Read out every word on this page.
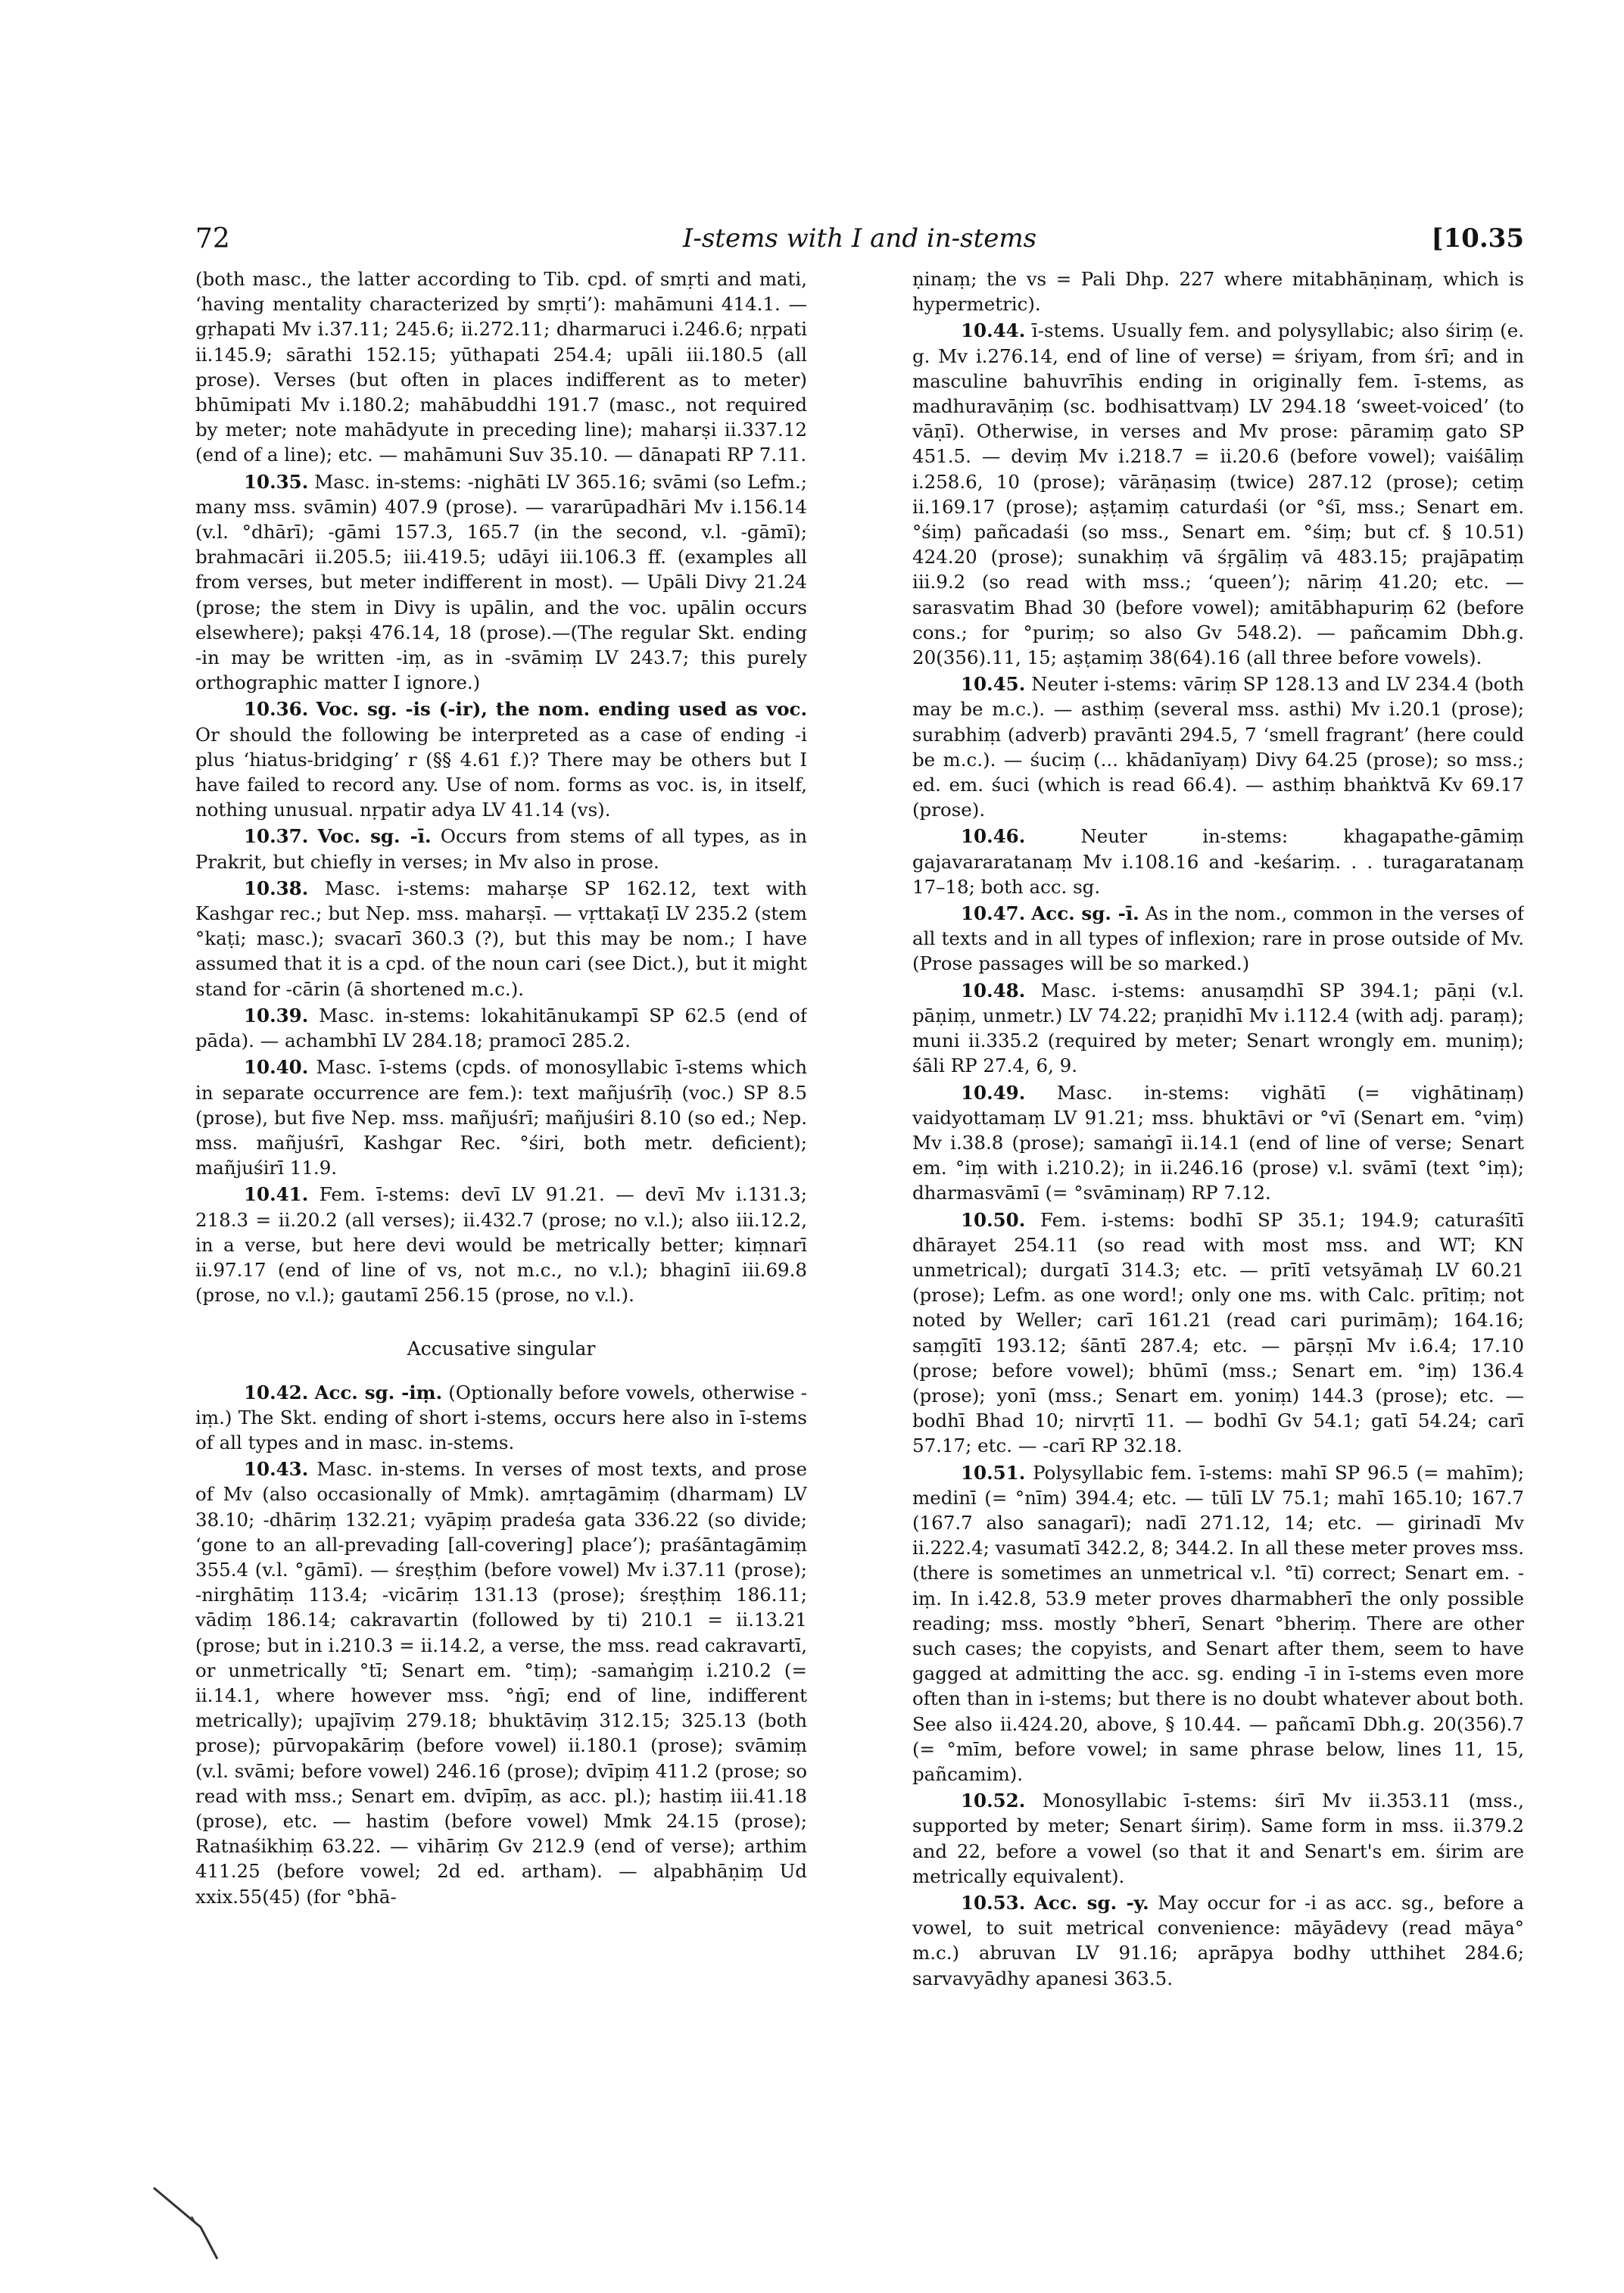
72	I-stems with I and in-stems	[10.35

(both masc., the latter according to Tib. cpd. of smṛti and mati, ‘having mentality characterized by smṛti’): mahāmuni 414.1. — gṛhapati Mv i.37.11; 245.6; ii.272.11; dharmaruci i.246.6; nṛpati ii.145.9; sārathi 152.15; yūthapati 254.4; upāli iii.180.5 (all prose). Verses (but often in places indifferent as to meter) bhūmipati Mv i.180.2; mahābuddhi 191.7 (masc., not required by meter; note mahādyute in preceding line); maharṣi ii.337.12 (end of a line); etc. — mahāmuni Suv 35.10. — dānapati RP 7.11.

10.35. Masc. in-stems: -nighāti LV 365.16; svāmi (so Lefm.; many mss. svāmin) 407.9 (prose). — vararūpadhāri Mv i.156.14 (v.l. °dhārī); -gāmi 157.3, 165.7 (in the second, v.l. -gāmī); brahmacāri ii.205.5; iii.419.5; udāyi iii.106.3 ff. (examples all from verses, but meter indifferent in most). — Upāli Divy 21.24 (prose; the stem in Divy is upālin, and the voc. upālin occurs elsewhere); pakṣi 476.14, 18 (prose).—(The regular Skt. ending -in may be written -iṃ, as in -svāmiṃ LV 243.7; this purely orthographic matter I ignore.)

10.36. Voc. sg. -is (-ir), the nom. ending used as voc. Or should the following be interpreted as a case of ending -i plus ‘hiatus-bridging’ r (§§ 4.61 f.)? There may be others but I have failed to record any. Use of nom. forms as voc. is, in itself, nothing unusual. nṛpatir adya LV 41.14 (vs).

10.37. Voc. sg. -ī. Occurs from stems of all types, as in Prakrit, but chiefly in verses; in Mv also in prose.

10.38. Masc. i-stems: maharṣe SP 162.12, text with Kashgar rec.; but Nep. mss. maharṣī. — vṛttakaṭī LV 235.2 (stem °kaṭi; masc.); svacarī 360.3 (?), but this may be nom.; I have assumed that it is a cpd. of the noun cari (see Dict.), but it might stand for -cārin (ā shortened m.c.).

10.39. Masc. in-stems: lokahitānukampī SP 62.5 (end of pāda). — achambhī LV 284.18; pramocī 285.2.

10.40. Masc. ī-stems (cpds. of monosyllabic ī-stems which in separate occurrence are fem.): text mañjuśrīḥ (voc.) SP 8.5 (prose), but five Nep. mss. mañjuśrī; mañjuśiri 8.10 (so ed.; Nep. mss. mañjuśrī, Kashgar Rec. °śiri, both metr. deficient); mañjuśirī 11.9.

10.41. Fem. ī-stems: devī LV 91.21. — devī Mv i.131.3; 218.3 = ii.20.2 (all verses); ii.432.7 (prose; no v.l.); also iii.12.2, in a verse, but here devi would be metrically better; kiṃnarī ii.97.17 (end of line of vs, not m.c., no v.l.); bhaginī iii.69.8 (prose, no v.l.); gautamī 256.15 (prose, no v.l.).

Accusative singular

10.42. Acc. sg. -iṃ. (Optionally before vowels, otherwise -iṃ.) The Skt. ending of short i-stems, occurs here also in ī-stems of all types and in masc. in-stems.

10.43. Masc. in-stems. In verses of most texts, and prose of Mv (also occasionally of Mmk). amṛtagāmiṃ (dharmam) LV 38.10; -dhāriṃ 132.21; vyāpiṃ pradeśa gata 336.22 (so divide; ‘gone to an all-prevading [all-covering] place’); praśāntagāmiṃ 355.4 (v.l. °gāmī). — śreṣṭhim (before vowel) Mv i.37.11 (prose); -nirghātiṃ 113.4; -vicāriṃ 131.13 (prose); śreṣṭhiṃ 186.11; vādiṃ 186.14; cakravartin (followed by ti) 210.1 = ii.13.21 (prose; but in i.210.3 = ii.14.2, a verse, the mss. read cakravartī, or unmetrically °tī; Senart em. °tiṃ); -samaṅgiṃ i.210.2 (= ii.14.1, where however mss. °ṅgī; end of line, indifferent metrically); upajīviṃ 279.18; bhuktāviṃ 312.15; 325.13 (both prose); pūrvopakāriṃ (before vowel) ii.180.1 (prose); svāmiṃ (v.l. svāmi; before vowel) 246.16 (prose); dvīpiṃ 411.2 (prose; so read with mss.; Senart em. dvīpīṃ, as acc. pl.); hastiṃ iii.41.18 (prose), etc. — hastim (before vowel) Mmk 24.15 (prose); Ratnaśikhiṃ 63.22. — vihāriṃ Gv 212.9 (end of verse); arthim 411.25 (before vowel; 2d ed. artham). — alpabhāṇiṃ Ud xxix.55(45) (for °bhā-

ṇinaṃ; the vs = Pali Dhp. 227 where mitabhāṇinaṃ, which is hypermetric).

10.44. ī-stems. Usually fem. and polysyllabic; also śiriṃ (e. g. Mv i.276.14, end of line of verse) = śriyam, from śrī; and in masculine bahuvrīhis ending in originally fem. ī-stems, as madhuravāṇiṃ (sc. bodhisattvaṃ) LV 294.18 ‘sweet-voiced’ (to vāṇī). Otherwise, in verses and Mv prose: pāramiṃ gato SP 451.5. — deviṃ Mv i.218.7 = ii.20.6 (before vowel); vaiśāliṃ i.258.6, 10 (prose); vārāṇasiṃ (twice) 287.12 (prose); cetiṃ ii.169.17 (prose); aṣṭamiṃ caturdaśi (or °śī, mss.; Senart em. °śiṃ) pañcadaśi (so mss., Senart em. °śiṃ; but cf. § 10.51) 424.20 (prose); sunakhiṃ vā śṛgāliṃ vā 483.15; prajāpatiṃ iii.9.2 (so read with mss.; ‘queen’); nāriṃ 41.20; etc. — sarasvatim Bhad 30 (before vowel); amitābhapuriṃ 62 (before cons.; for °puriṃ; so also Gv 548.2). — pañcamim Dbh.g. 20(356).11, 15; aṣṭamiṃ 38(64).16 (all three before vowels).

10.45. Neuter i-stems: vāriṃ SP 128.13 and LV 234.4 (both may be m.c.). — asthiṃ (several mss. asthi) Mv i.20.1 (prose); surabhiṃ (adverb) pravānti 294.5, 7 ‘smell fragrant’ (here could be m.c.). — śuciṃ (... khādanīyaṃ) Divy 64.25 (prose); so mss.; ed. em. śuci (which is read 66.4). — asthiṃ bhaṅktvā Kv 69.17 (prose).

10.46.	Neuter in-stems: khagapathe-gāmiṃ gajavararatanaṃ Mv i.108.16 and -keśariṃ. . . turagaratanaṃ 17–18; both acc. sg.

10.47. Acc. sg. -ī. As in the nom., common in the verses of all texts and in all types of inflexion; rare in prose outside of Mv. (Prose passages will be so marked.)

10.48. Masc. i-stems: anusaṃdhī SP 394.1; pāṇi (v.l. pāṇiṃ, unmetr.) LV 74.22; praṇidhī Mv i.112.4 (with adj. paraṃ); muni ii.335.2 (required by meter; Senart wrongly em. muniṃ); śāli RP 27.4, 6, 9.

10.49. Masc. in-stems: vighātī (= vighātinaṃ) vaidyottamaṃ LV 91.21; mss. bhuktāvi or °vī (Senart em. °viṃ) Mv i.38.8 (prose); samaṅgī ii.14.1 (end of line of verse; Senart em. °iṃ with i.210.2); in ii.246.16 (prose) v.l. svāmī (text °iṃ); dharmasvāmī (= °svāminaṃ) RP 7.12.

10.50. Fem. i-stems: bodhī SP 35.1; 194.9; caturaśītī dhārayet 254.11 (so read with most mss. and WT; KN unmetrical); durgatī 314.3; etc. — prītī vetsyāmaḥ LV 60.21 (prose); Lefm. as one word!; only one ms. with Calc. prītiṃ; not noted by Weller; carī 161.21 (read cari purimāṃ); 164.16; saṃgītī 193.12; śāntī 287.4; etc. — pārṣṇī Mv i.6.4; 17.10 (prose; before vowel); bhūmī (mss.; Senart em. °iṃ) 136.4 (prose); yonī (mss.; Senart em. yoniṃ) 144.3 (prose); etc. — bodhī Bhad 10; nirvṛtī 11. — bodhī Gv 54.1; gatī 54.24; carī 57.17; etc. — -carī RP 32.18.

10.51. Polysyllabic fem. ī-stems: mahī SP 96.5 (= mahīm); medinī (= °nīm) 394.4; etc. — tūlī LV 75.1; mahī 165.10; 167.7 (167.7 also sanagarī); nadī 271.12, 14; etc. — girinadī Mv ii.222.4; vasumatī 342.2, 8; 344.2. In all these meter proves mss. (there is sometimes an unmetrical v.l. °tī) correct; Senart em. -iṃ. In i.42.8, 53.9 meter proves dharmabherī the only possible reading; mss. mostly °bherī, Senart °bheriṃ. There are other such cases; the copyists, and Senart after them, seem to have gagged at admitting the acc. sg. ending -ī in ī-stems even more often than in i-stems; but there is no doubt whatever about both. See also ii.424.20, above, § 10.44. — pañcamī Dbh.g. 20(356).7 (= °mīm, before vowel; in same phrase below, lines 11, 15, pañcamim).

10.52. Monosyllabic ī-stems: śirī Mv ii.353.11 (mss., supported by meter; Senart śiriṃ). Same form in mss. ii.379.2 and 22, before a vowel (so that it and Senart's em. śirim are metrically equivalent).

10.53. Acc. sg. -y. May occur for -i as acc. sg., before a vowel, to suit metrical convenience: māyādevy (read māya° m.c.) abruvan LV 91.16; aprāpya bodhy utthihet 284.6; sarvavyādhy apanesi 363.5.
